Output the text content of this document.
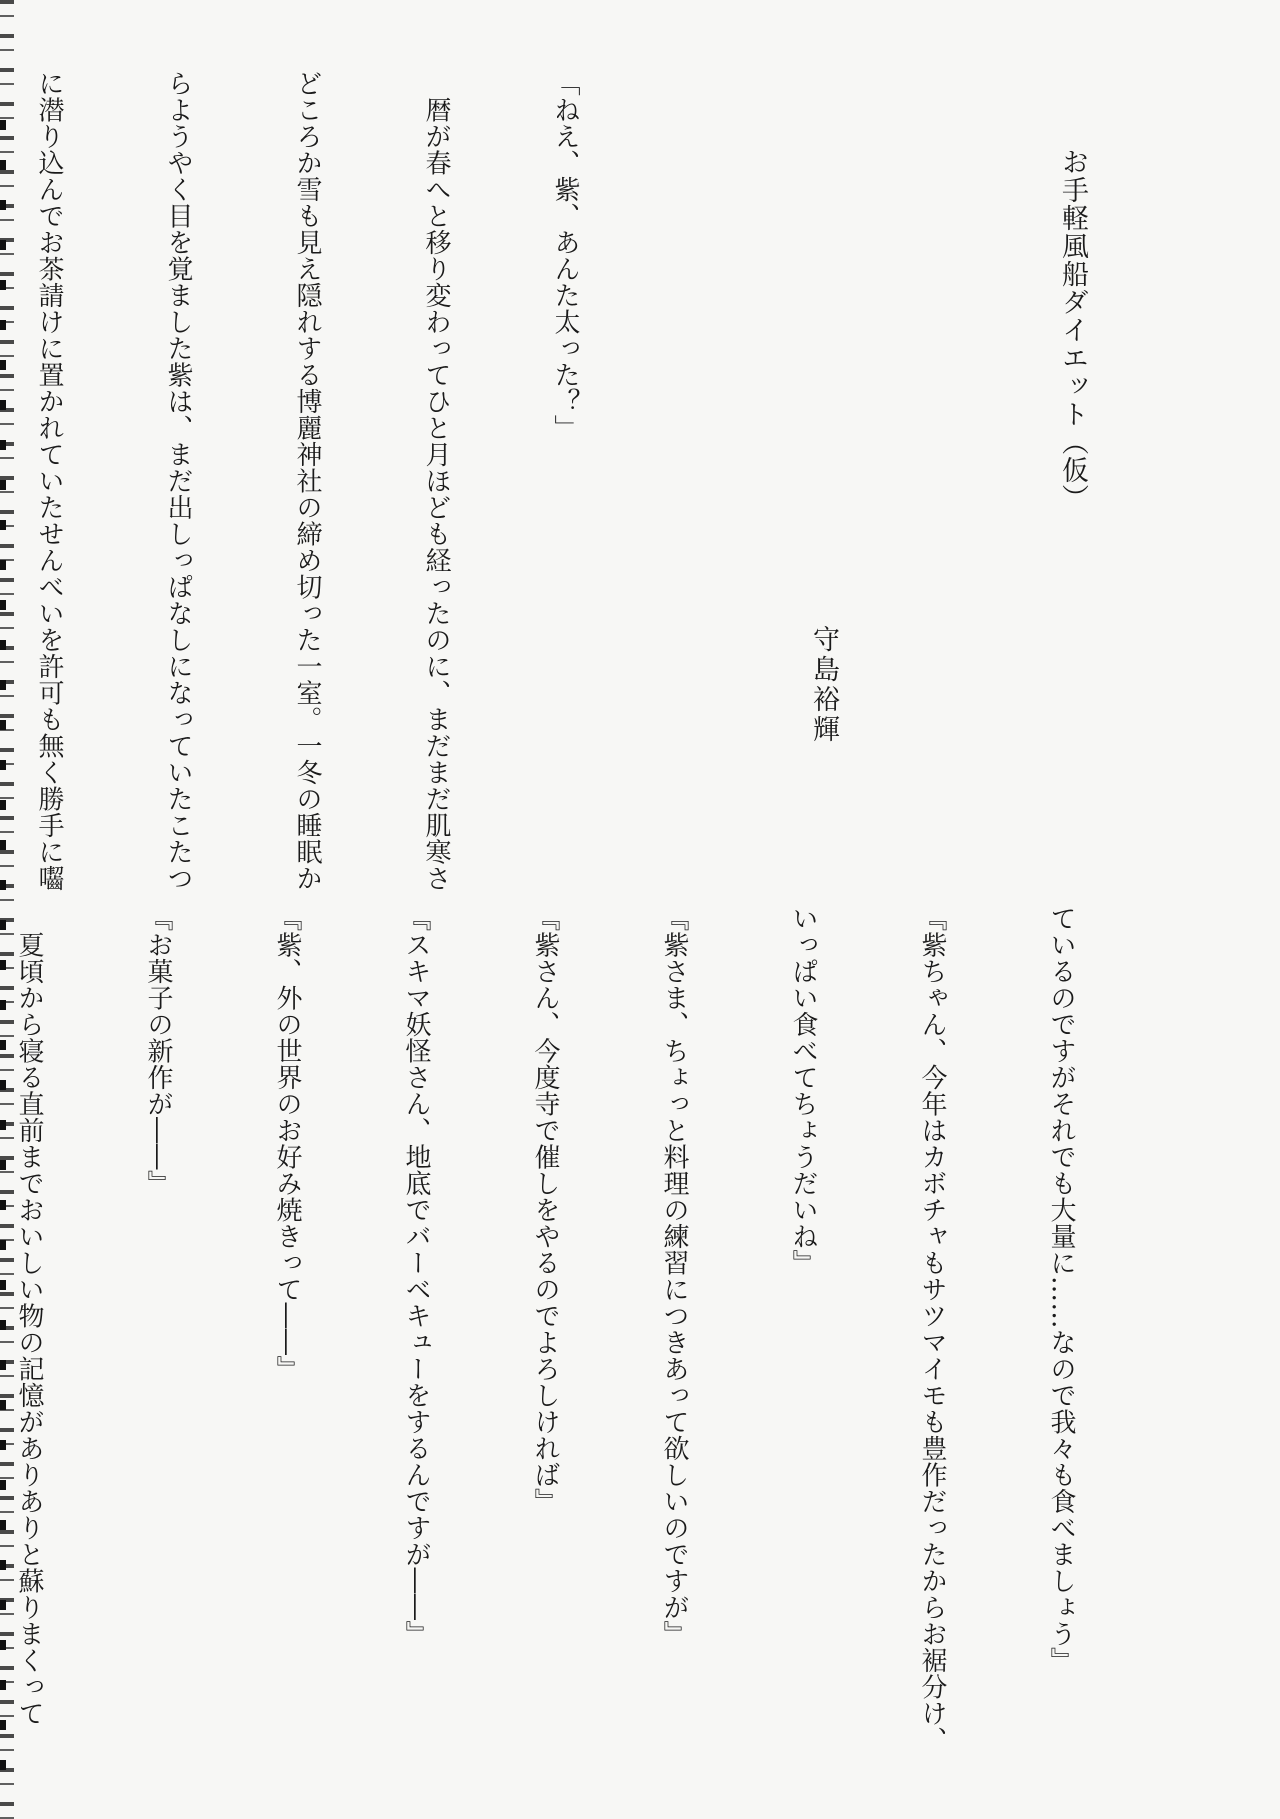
お手軽風船ダイエット（仮）

守島裕輝

「ねえ、紫、あんた太った？」

　暦が春へと移り変わってひと月ほども経ったのに、まだまだ肌寒さ

どころか雪も見え隠れする博麗神社の締め切った一室。一冬の睡眠か

らようやく目を覚ました紫は、まだ出しっぱなしになっていたこたつ

に潜り込んでお茶請けに置かれていたせんべいを許可も無く勝手に囓

ているのですがそれでも大量に……なので我々も食べましょう』

『紫ちゃん、今年はカボチャもサツマイモも豊作だったからお裾分け、

いっぱい食べてちょうだいね』

『紫さま、ちょっと料理の練習につきあって欲しいのですが』

『紫さん、今度寺で催しをやるのでよろしければ』

『スキマ妖怪さん、地底でバーベキューをするんですが――』

『紫、外の世界のお好み焼きって――』

『お菓子の新作が――』

　夏頃から寝る直前までおいしい物の記憶がありありと蘇りまくって
